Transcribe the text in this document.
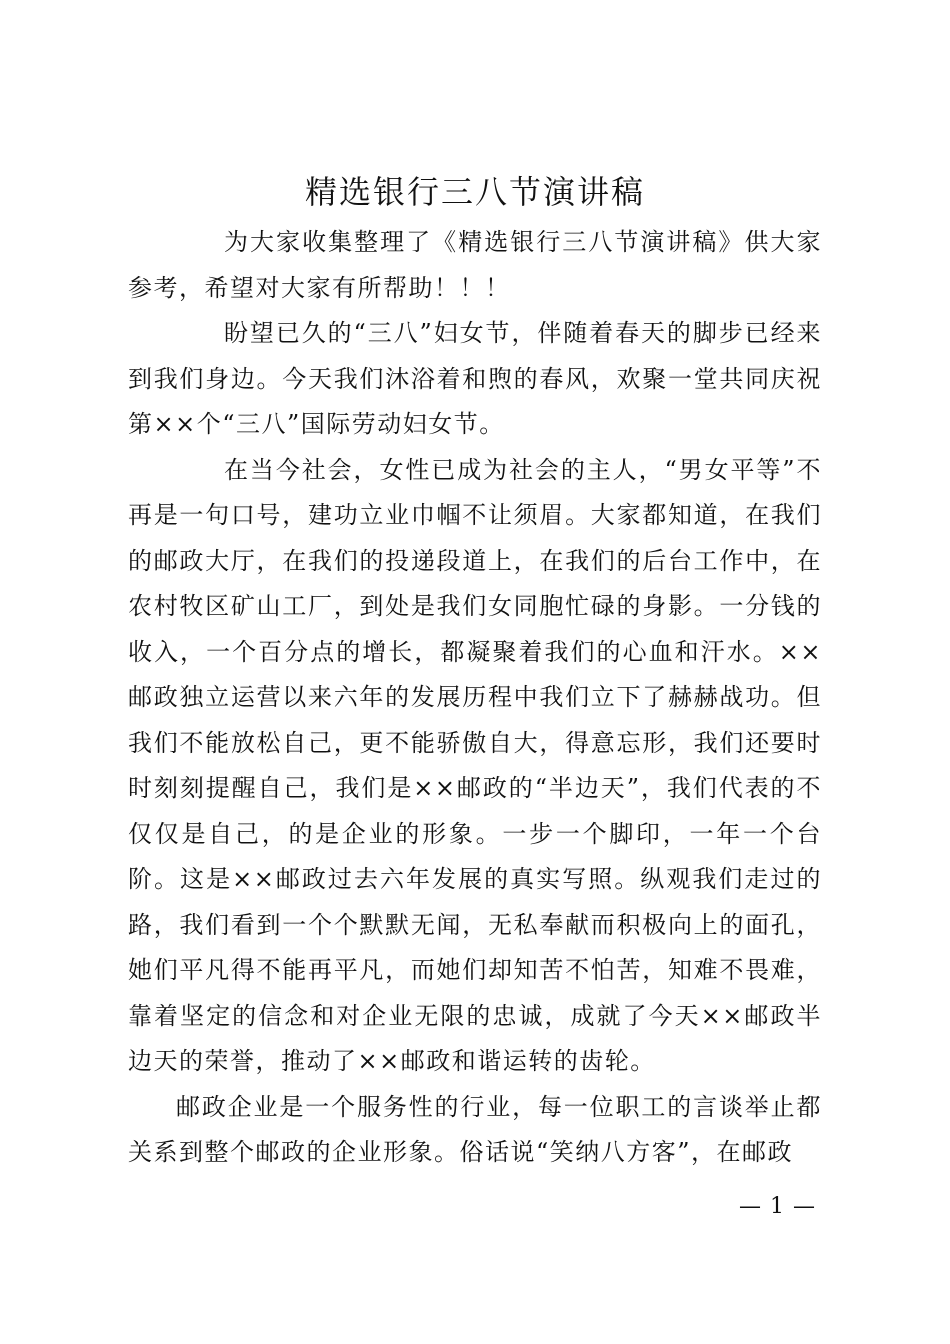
精选银行三八节演讲稿

为大家收集整理了《精选银行三八节演讲稿》供大家参考，希望对大家有所帮助！！！

盼望已久的“三八”妇女节，伴随着春天的脚步已经来到我们身边。今天我们沐浴着和煦的春风，欢聚一堂共同庆祝第××个“三八”国际劳动妇女节。

在当今社会，女性已成为社会的主人，“男女平等”不再是一句口号，建功立业巾帼不让须眉。大家都知道，在我们的邮政大厅，在我们的投递段道上，在我们的后台工作中，在农村牧区矿山工厂，到处是我们女同胞忙碌的身影。一分钱的收入，一个百分点的增长，都凝聚着我们的心血和汗水。××邮政独立运营以来六年的发展历程中我们立下了赫赫战功。但我们不能放松自己，更不能骄傲自大，得意忘形，我们还要时时刻刻提醒自己，我们是××邮政的“半边天”，我们代表的不仅仅是自己，的是企业的形象。一步一个脚印，一年一个台阶。这是××邮政过去六年发展的真实写照。纵观我们走过的路，我们看到一个个默默无闻，无私奉献而积极向上的面孔，她们平凡得不能再平凡，而她们却知苦不怕苦，知难不畏难，靠着坚定的信念和对企业无限的忠诚，成就了今天××邮政半边天的荣誉，推动了××邮政和谐运转的齿轮。

邮政企业是一个服务性的行业，每一位职工的言谈举止都关系到整个邮政的企业形象。俗话说“笑纳八方客”，在邮政

— 1 —
